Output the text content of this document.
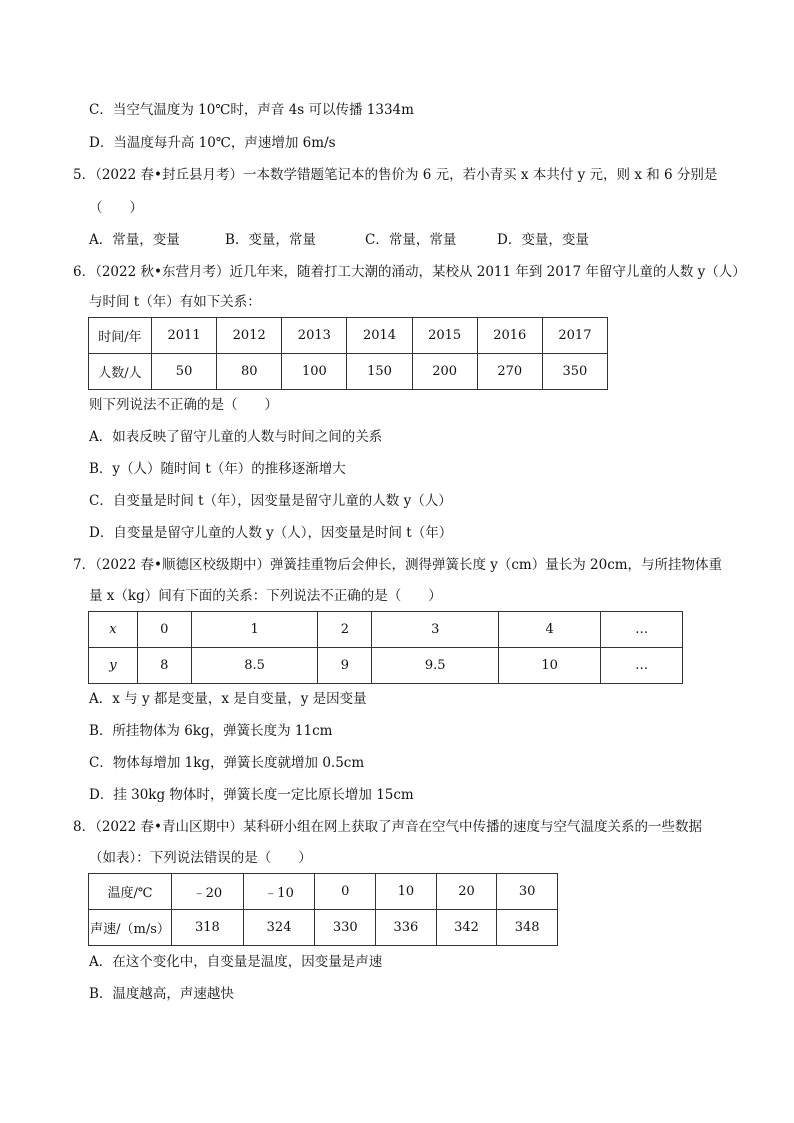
C．当空气温度为 10℃时，声音 4s 可以传播 1334m
D．当温度每升高 10℃，声速增加 6m/s
5．（2022 春•封丘县月考）一本数学错题笔记本的售价为 6 元，若小青买 x 本共付 y 元，则 x 和 6 分别是
（　　）
A．常量，变量	B．变量，常量	C．常量，常量	D．变量，变量
6．（2022 秋•东营月考）近几年来，随着打工大潮的涌动，某校从 2011 年到 2017 年留守儿童的人数 y（人）
与时间 t（年）有如下关系：
时间/年	2011	2012	2013	2014	2015	2016	2017
人数/人	50	80	100	150	200	270	350
则下列说法不正确的是（　　）
A．如表反映了留守儿童的人数与时间之间的关系
B．y（人）随时间 t（年）的推移逐渐增大
C．自变量是时间 t（年），因变量是留守儿童的人数 y（人）
D．自变量是留守儿童的人数 y（人），因变量是时间 t（年）
7．（2022 春•顺德区校级期中）弹簧挂重物后会伸长，测得弹簧长度 y（cm）量长为 20cm，与所挂物体重
量 x（kg）间有下面的关系：下列说法不正确的是（　　）
x	0	1	2	3	4	…
y	8	8.5	9	9.5	10	…
A．x 与 y 都是变量，x 是自变量，y 是因变量
B．所挂物体为 6kg，弹簧长度为 11cm
C．物体每增加 1kg，弹簧长度就增加 0.5cm
D．挂 30kg 物体时，弹簧长度一定比原长增加 15cm
8．（2022 春•青山区期中）某科研小组在网上获取了声音在空气中传播的速度与空气温度关系的一些数据
（如表）：下列说法错误的是（　　）
温度/℃	﹣20	﹣10	0	10	20	30
声速/（m/s）	318	324	330	336	342	348
A．在这个变化中，自变量是温度，因变量是声速
B．温度越高，声速越快
